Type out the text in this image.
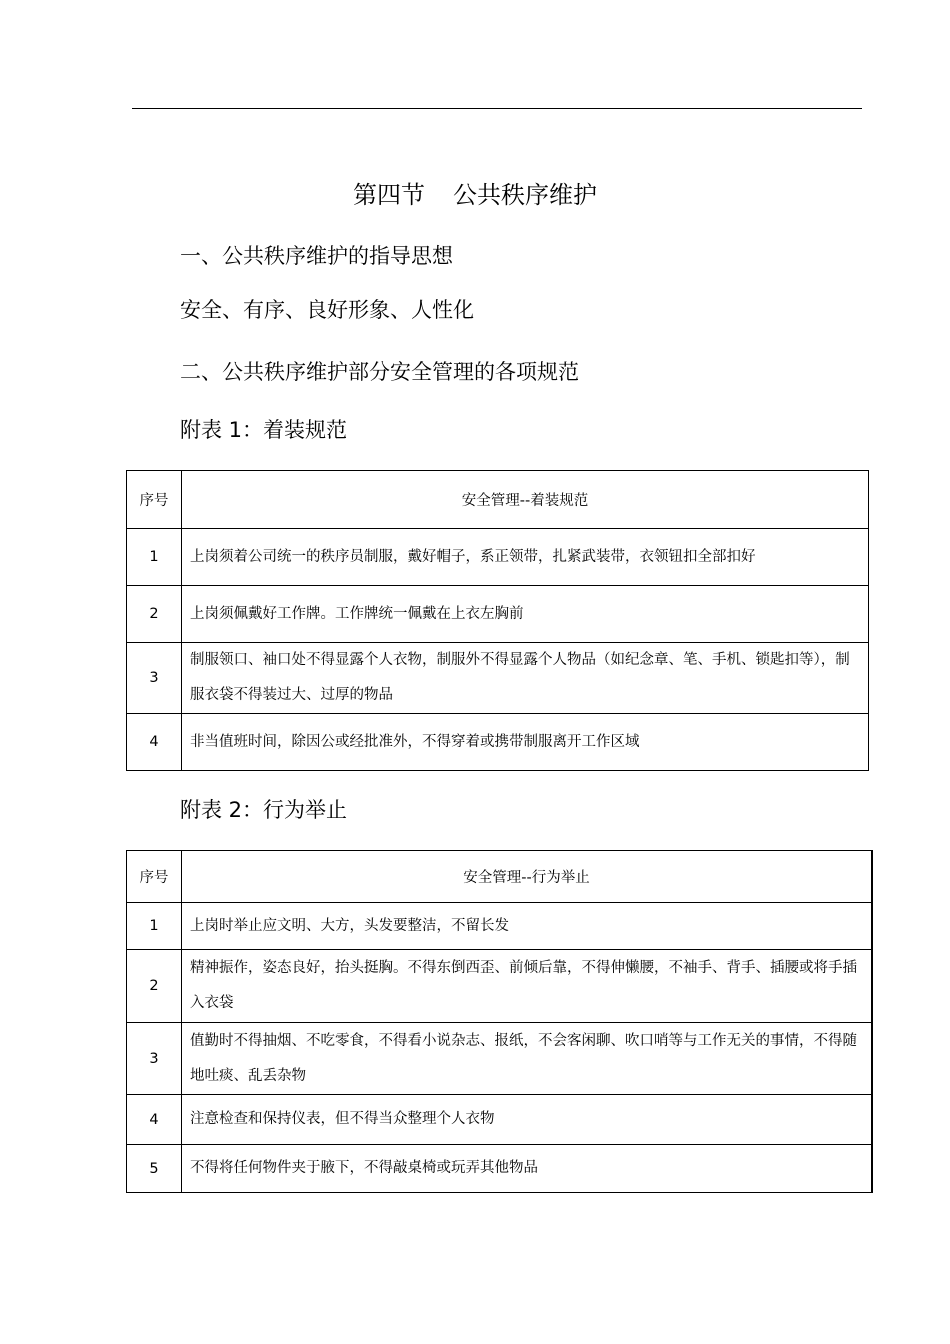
第四节 公共秩序维护
一、公共秩序维护的指导思想
安全、有序、良好形象、人性化
二、公共秩序维护部分安全管理的各项规范
附表 1：着装规范
序号	安全管理--着装规范
1	上岗须着公司统一的秩序员制服，戴好帽子，系正领带，扎紧武装带，衣领钮扣全部扣好
2	上岗须佩戴好工作牌。工作牌统一佩戴在上衣左胸前
3	制服领口、袖口处不得显露个人衣物，制服外不得显露个人物品（如纪念章、笔、手机、锁匙扣等），制服衣袋不得装过大、过厚的物品
4	非当值班时间，除因公或经批准外，不得穿着或携带制服离开工作区域
附表 2：行为举止
序号	安全管理--行为举止
1	上岗时举止应文明、大方，头发要整洁，不留长发
2	精神振作，姿态良好，抬头挺胸。不得东倒西歪、前倾后靠，不得伸懒腰，不袖手、背手、插腰或将手插入衣袋
3	值勤时不得抽烟、不吃零食，不得看小说杂志、报纸，不会客闲聊、吹口哨等与工作无关的事情，不得随地吐痰、乱丢杂物
4	注意检查和保持仪表，但不得当众整理个人衣物
5	不得将任何物件夹于腋下，不得敲桌椅或玩弄其他物品
